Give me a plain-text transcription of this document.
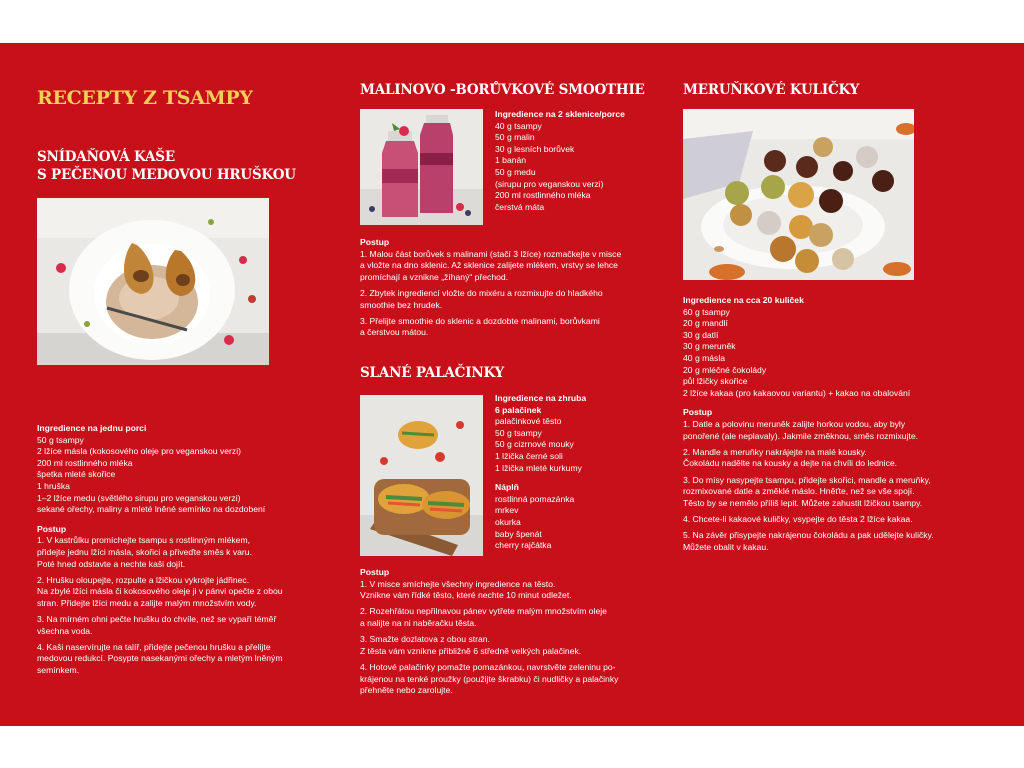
RECEPTY Z TSAMPY
SNÍDAŇOVÁ KAŠE
S PEČENOU MEDOVOU HRUŠKOU
Ingredience na jednu porci
50 g tsampy
2 lžíce másla (kokosového oleje pro veganskou verzi)
200 ml rostlinného mléka
špetka mleté skořice
1 hruška
1–2 lžíce medu (světlého sirupu pro veganskou verzi)
sekané ořechy, maliny a mleté lněné semínko na dozdobení
Postup
1. V kastrůlku promíchejte tsampu s rostlinným mlékem,
přidejte jednu lžíci másla, skořici a přiveďte směs k varu.
Poté hned odstavte a nechte kaši dojít.
2. Hrušku oloupejte, rozpulte a lžičkou vykrojte jádřinec.
Na zbylé lžíci másla či kokosového oleje ji v pánvi opečte z obou
stran. Přidejte lžíci medu a zalijte malým množstvím vody.
3. Na mírném ohni pečte hrušku do chvíle, než se vypaří téměř
všechna voda.
4. Kaši naservírujte na talíř, přidejte pečenou hrušku a přelijte
medovou redukcí. Posypte nasekanými ořechy a mletým lněným
semínkem.
MALINOVO -BORŮVKOVÉ SMOOTHIE
Ingredience na 2 sklenice/porce
40 g tsampy
50 g malin
30 g lesních borůvek
1 banán
50 g medu
(sirupu pro veganskou verzi)
200 ml rostlinného mléka
čerstvá máta
Postup
1. Malou část borůvek s malinami (stačí 3 lžíce) rozmačkejte v misce
a vložte na dno sklenic. Až sklenice zalijete mlékem, vrstvy se lehce
promíchají a vznikne „žíhaný“ přechod.
2. Zbytek ingrediencí vložte do mixéru a rozmixujte do hladkého
smoothie bez hrudek.
3. Přelijte smoothie do sklenic a dozdobte malinami, borůvkami
a čerstvou mátou.
SLANÉ PALAČINKY
Ingredience na zhruba
6 palačinek
palačinkové těsto
50 g tsampy
50 g cizrnové mouky
1 lžička černé soli
1 lžička mleté kurkumy
Náplň
rostlinná pomazánka
mrkev
okurka
baby špenát
cherry rajčátka
Postup
1. V misce smíchejte všechny ingredience na těsto.
Vznikne vám řídké těsto, které nechte 10 minut odležet.
2. Rozehřátou nepřilnavou pánev vytřete malým množstvím oleje
a nalijte na ni naběračku těsta.
3. Smažte dozlatova z obou stran.
Z těsta vám vznikne přibližně 6 středně velkých palačinek.
4. Hotové palačinky pomažte pomazánkou, navrstvěte zeleninu po-
krájenou na tenké proužky (použijte škrabku) či nudličky a palačinky
přehněte nebo zarolujte.
MERUŇKOVÉ KULIČKY
Ingredience na cca 20 kuliček
60 g tsampy
20 g mandlí
30 g datlí
30 g meruněk
40 g másla
20 g mléčné čokolády
půl lžičky skořice
2 lžíce kakaa (pro kakaovou variantu) + kakao na obalování
Postup
1. Datle a polovinu meruněk zalijte horkou vodou, aby byly
ponořené (ale neplavaly). Jakmile změknou, směs rozmixujte.
2. Mandle a meruňky nakrájejte na malé kousky.
Čokoládu nadělte na kousky a dejte na chvíli do lednice.
3. Do mísy nasypejte tsampu, přidejte skořici, mandle a meruňky,
rozmixované datle a změklé máslo. Hněťte, než se vše spojí.
Těsto by se nemělo příliš lepit. Můžete zahustit lžičkou tsampy.
4. Chcete-li kakaové kuličky, vsypejte do těsta 2 lžíce kakaa.
5. Na závěr přisypejte nakrájenou čokoládu a pak udělejte kuličky.
Můžete obalit v kakau.
